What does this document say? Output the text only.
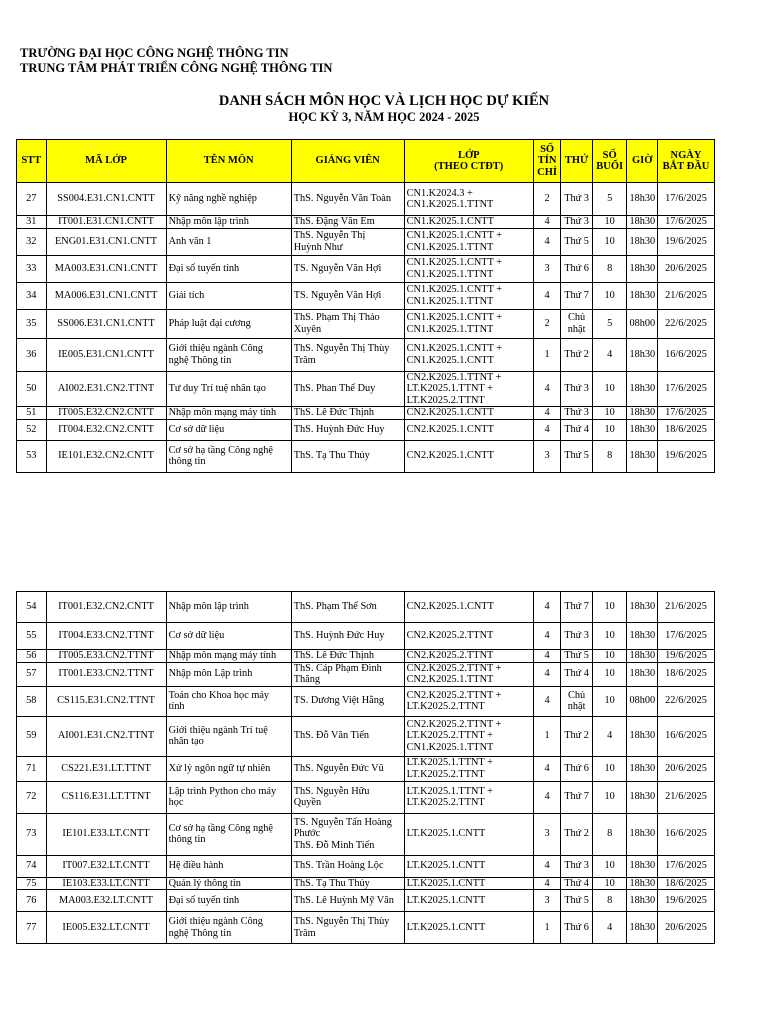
TRƯỜNG ĐẠI HỌC CÔNG NGHỆ THÔNG TIN
TRUNG TÂM PHÁT TRIỂN CÔNG NGHỆ THÔNG TIN
DANH SÁCH MÔN HỌC VÀ LỊCH HỌC DỰ KIẾN
HỌC KỲ 3, NĂM HỌC 2024 - 2025
STT	MÃ LỚP	TÊN MÔN	GIẢNG VIÊN	LỚP
(THEO CTĐT)	SỐ
TÍN
CHỈ	THỨ	SỐ
BUỔI	GIỜ	NGÀY
BẮT ĐẦU
27	SS004.E31.CN1.CNTT	Kỹ năng nghề nghiệp	ThS. Nguyễn Văn Toàn	CN1.K2024.3 +
CN1.K2025.1.TTNT	2	Thứ 3	5	18h30	17/6/2025
31	IT001.E31.CN1.CNTT	Nhập môn lập trình	ThS. Đặng Văn Em	CN1.K2025.1.CNTT	4	Thứ 3	10	18h30	17/6/2025
32	ENG01.E31.CN1.CNTT	Anh văn 1	ThS. Nguyễn Thị
Huỳnh Như	CN1.K2025.1.CNTT +
CN1.K2025.1.TTNT	4	Thứ 5	10	18h30	19/6/2025
33	MA003.E31.CN1.CNTT	Đại số tuyến tính	TS. Nguyễn Văn Hợi	CN1.K2025.1.CNTT +
CN1.K2025.1.TTNT	3	Thứ 6	8	18h30	20/6/2025
34	MA006.E31.CN1.CNTT	Giải tích	TS. Nguyễn Văn Hợi	CN1.K2025.1.CNTT +
CN1.K2025.1.TTNT	4	Thứ 7	10	18h30	21/6/2025
35	SS006.E31.CN1.CNTT	Pháp luật đại cương	ThS. Phạm Thị Thảo
Xuyên	CN1.K2025.1.CNTT +
CN1.K2025.1.TTNT	2	Chủ
nhật	5	08h00	22/6/2025
36	IE005.E31.CN1.CNTT	Giới thiệu ngành Công
nghệ Thông tin	ThS. Nguyễn Thị Thùy
Trâm	CN1.K2025.1.CNTT +
CN1.K2025.1.CNTT	1	Thứ 2	4	18h30	16/6/2025
50	AI002.E31.CN2.TTNT	Tư duy Trí tuệ nhân tạo	ThS. Phan Thế Duy	CN2.K2025.1.TTNT +
LT.K2025.1.TTNT +
LT.K2025.2.TTNT	4	Thứ 3	10	18h30	17/6/2025
51	IT005.E32.CN2.CNTT	Nhập môn mạng máy tính	ThS. Lê Đức Thịnh	CN2.K2025.1.CNTT	4	Thứ 3	10	18h30	17/6/2025
52	IT004.E32.CN2.CNTT	Cơ sở dữ liệu	ThS. Huỳnh Đức Huy	CN2.K2025.1.CNTT	4	Thứ 4	10	18h30	18/6/2025
53	IE101.E32.CN2.CNTT	Cơ sở hạ tầng Công nghệ
thông tin	ThS. Tạ Thu Thủy	CN2.K2025.1.CNTT	3	Thứ 5	8	18h30	19/6/2025
54	IT001.E32.CN2.CNTT	Nhập môn lập trình	ThS. Phạm Thế Sơn	CN2.K2025.1.CNTT	4	Thứ 7	10	18h30	21/6/2025
55	IT004.E33.CN2.TTNT	Cơ sở dữ liệu	ThS. Huỳnh Đức Huy	CN2.K2025.2.TTNT	4	Thứ 3	10	18h30	17/6/2025
56	IT005.E33.CN2.TTNT	Nhập môn mạng máy tính	ThS. Lê Đức Thịnh	CN2.K2025.2.TTNT	4	Thứ 5	10	18h30	19/6/2025
57	IT001.E33.CN2.TTNT	Nhập môn Lập trình	ThS. Cáp Phạm Đình
Thăng	CN2.K2025.2.TTNT +
CN2.K2025.1.TTNT	4	Thứ 4	10	18h30	18/6/2025
58	CS115.E31.CN2.TTNT	Toán cho Khoa học máy
tính	TS. Dương Việt Hằng	CN2.K2025.2.TTNT +
LT.K2025.2.TTNT	4	Chủ
nhật	10	08h00	22/6/2025
59	AI001.E31.CN2.TTNT	Giới thiệu ngành Trí tuệ
nhân tạo	ThS. Đỗ Văn Tiến	CN2.K2025.2.TTNT +
LT.K2025.2.TTNT +
CN1.K2025.1.TTNT	1	Thứ 2	4	18h30	16/6/2025
71	CS221.E31.LT.TTNT	Xử lý ngôn ngữ tự nhiên	ThS. Nguyễn Đức Vũ	LT.K2025.1.TTNT +
LT.K2025.2.TTNT	4	Thứ 6	10	18h30	20/6/2025
72	CS116.E31.LT.TTNT	Lập trình Python cho máy
học	ThS. Nguyễn Hữu
Quyền	LT.K2025.1.TTNT +
LT.K2025.2.TTNT	4	Thứ 7	10	18h30	21/6/2025
73	IE101.E33.LT.CNTT	Cơ sở hạ tầng Công nghệ
thông tin	TS. Nguyễn Tấn Hoàng
Phước
ThS. Đỗ Minh Tiến	LT.K2025.1.CNTT	3	Thứ 2	8	18h30	16/6/2025
74	IT007.E32.LT.CNTT	Hệ điều hành	ThS. Trần Hoàng Lộc	LT.K2025.1.CNTT	4	Thứ 3	10	18h30	17/6/2025
75	IE103.E33.LT.CNTT	Quản lý thông tin	ThS. Tạ Thu Thủy	LT.K2025.1.CNTT	4	Thứ 4	10	18h30	18/6/2025
76	MA003.E32.LT.CNTT	Đại số tuyến tính	ThS. Lê Huỳnh Mỹ Vân	LT.K2025.1.CNTT	3	Thứ 5	8	18h30	19/6/2025
77	IE005.E32.LT.CNTT	Giới thiệu ngành Công
nghệ Thông tin	ThS. Nguyễn Thị Thùy
Trâm	LT.K2025.1.CNTT	1	Thứ 6	4	18h30	20/6/2025
